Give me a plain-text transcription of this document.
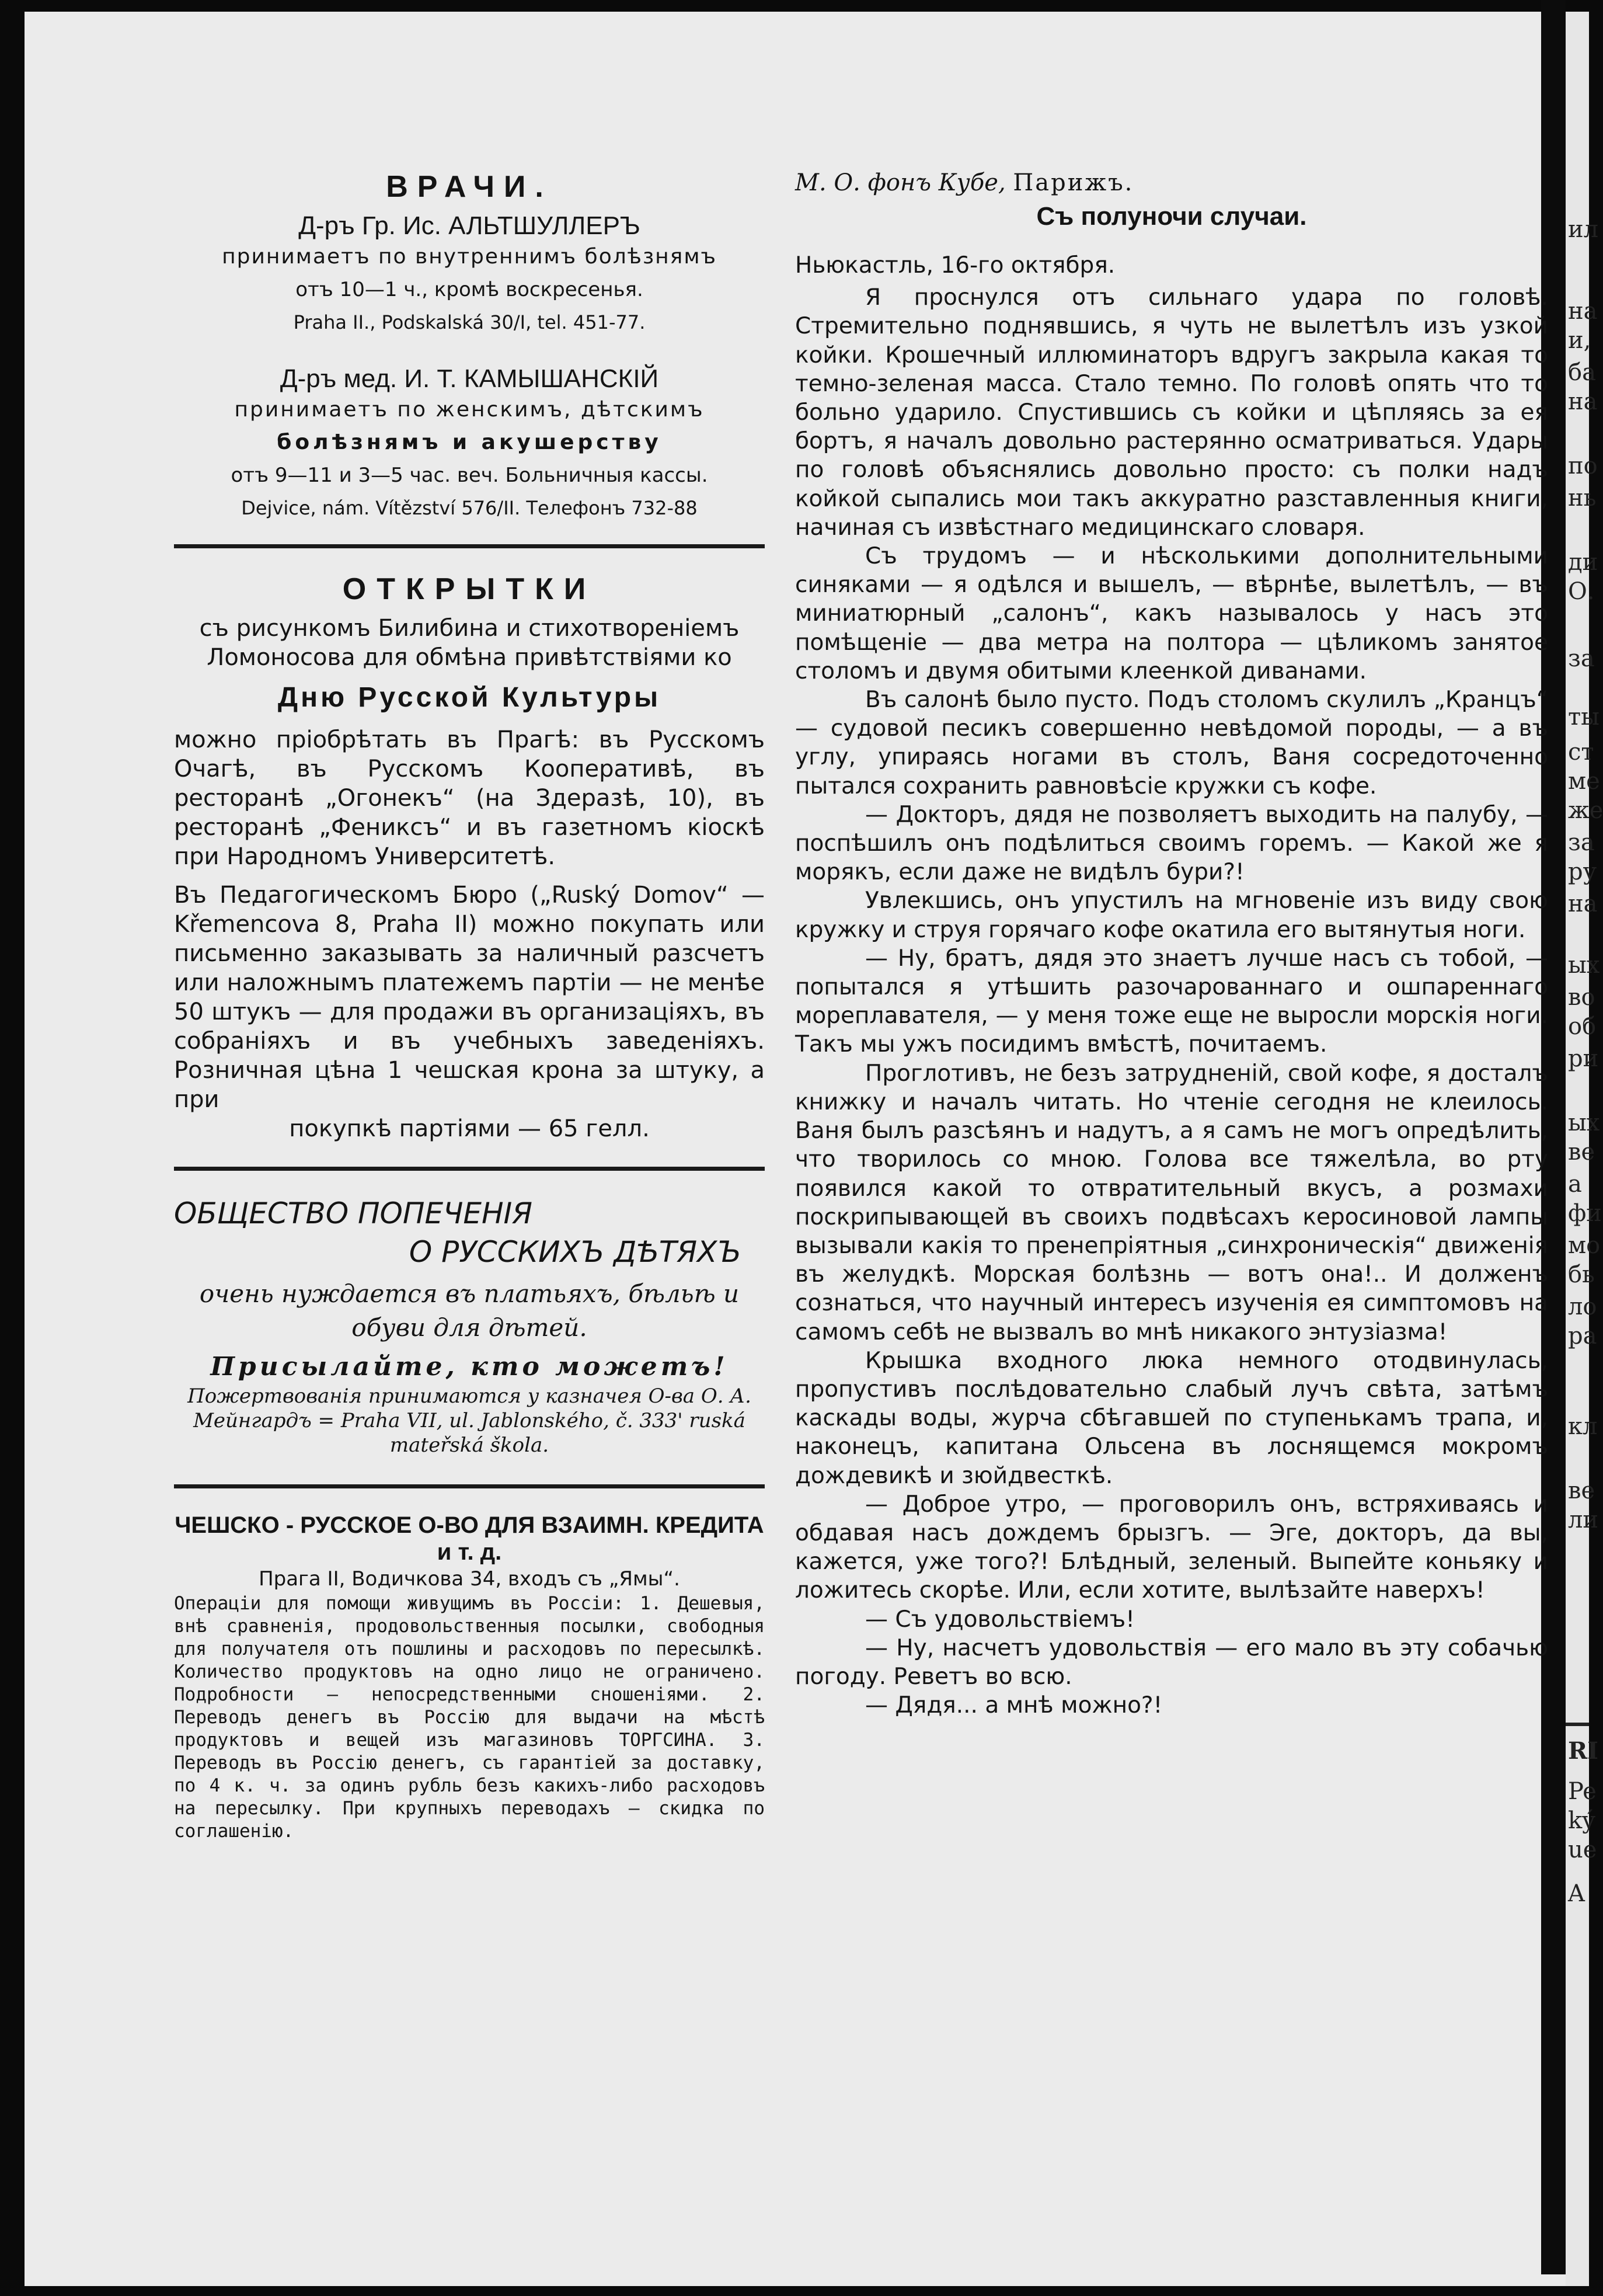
ил
на
и,
ба
на
по
нь
ди
О.
за
ты
ст
ме
же
за
ру
на
ых
во
об
ри
ых
ве
а
фи
мо
бь
ло
ра
кл
ве
ли
RI
Pe
ký
ue
A
ВРАЧИ.

Д-ръ Гр. Ис. АЛЬТШУЛЛЕРЪ

принимаетъ по внутреннимъ болѣзнямъ

отъ 10—1 ч., кромѣ воскресенья.

Praha II., Podskalská 30/I, tel. 451-77.

Д-ръ мед. И. Т. КАМЫШАНСКIЙ

принимаетъ по женскимъ, дѣтскимъ

болѣзнямъ и акушерству

отъ 9—11 и 3—5 час. веч. Больничныя кассы.

Dejvice, nám. Vítězství 576/II. Телефонъ 732-88

ОТКРЫТКИ

съ рисункомъ Билибина и стихотворенiемъ Ломоносова для обмѣна привѣтствiями ко

Дню Русской Культуры

можно прiобрѣтать въ Прагѣ: въ Русскомъ Очагѣ, въ Русскомъ Кооперативѣ, въ ресторанѣ „Огонекъ“ (на Здеразѣ, 10), въ ресторанѣ „Фениксъ“ и въ газетномъ кiоскѣ при Народномъ Университетѣ.

Въ Педагогическомъ Бюро („Ruský Domov“ — Křemencova 8, Praha II) можно покупать или письменно заказывать за наличный разсчетъ или наложнымъ платежемъ партiи — не менѣе 50 штукъ — для продажи въ организацiяхъ, въ собранiяхъ и въ учебныхъ заведенiяхъ. Розничная цѣна 1 чешская крона за штуку, а при

покупкѣ партiями — 65 гелл.

ОБЩЕСТВО ПОПЕЧЕНIЯ

О РУССКИХЪ ДѢТЯХЪ

очень нуждается въ платьяхъ, бѣльѣ и обуви для дѣтей.

Присылайте, кто можетъ!

Пожертвованiя принимаются у казначея О-ва О. А. Мейнгардъ = Praha VII, ul. Jablonského, č. 333' ruská mateřská škola.

ЧЕШСКО - РУССКОЕ О-ВО ДЛЯ ВЗАИМН. КРЕДИТА и т. д.

Прага II, Водичкова 34, входъ съ „Ямы“.

Операцiи для помощи живущимъ въ Россiи: 1. Дешевыя, внѣ сравненiя, продовольственныя посылки, свободныя для получателя отъ пошлины и расходовъ по пересылкѣ. Количество продуктовъ на одно лицо не ограничено. Подробности — непосредственными сношенiями. 2. Переводъ денегъ въ Россiю для выдачи на мѣстѣ продуктовъ и вещей изъ магазиновъ ТОРГСИНА. 3. Переводъ въ Россiю денегъ, съ гарантiей за доставку, по 4 к. ч. за одинъ рубль безъ какихъ-либо расходовъ на пересылку. При крупныхъ переводахъ — скидка по соглашенiю.

М. О. фонъ Кубе, Парижъ.

Съ полуночи случаи.

Ньюкастль, 16-го октября.

Я проснулся отъ сильнаго удара по головѣ. Стремительно поднявшись, я чуть не вылетѣлъ изъ узкой койки. Крошечный иллюминаторъ вдругъ закрыла какая то темно-зеленая масса. Стало темно. По головѣ опять что то больно ударило. Спустившись съ койки и цѣпляясь за ея бортъ, я началъ довольно растерянно осматриваться. Удары по головѣ объяснялись довольно просто: съ полки надъ койкой сыпались мои такъ аккуратно разставленныя книги, начиная съ извѣстнаго медицинскаго словаря.

Съ трудомъ — и нѣсколькими дополнительными синяками — я одѣлся и вышелъ, — вѣрнѣе, вылетѣлъ, — въ миниатюрный „салонъ“, какъ называлось у насъ это помѣщенiе — два метра на полтора — цѣликомъ занятое столомъ и двумя обитыми клеенкой диванами.

Въ салонѣ было пусто. Подъ столомъ скулилъ „Кранцъ“ — судовой песикъ совершенно невѣдомой породы, — а въ углу, упираясь ногами въ столъ, Ваня сосредоточенно пытался сохранить равновѣсiе кружки съ кофе.

— Докторъ, дядя не позволяетъ выходить на палубу, — поспѣшилъ онъ подѣлиться своимъ горемъ. — Какой же я морякъ, если даже не видѣлъ бури?!

Увлекшись, онъ упустилъ на мгновенiе изъ виду свою кружку и струя горячаго кофе окатила его вытянутыя ноги.

— Ну, братъ, дядя это знаетъ лучше насъ съ тобой, — попытался я утѣшить разочарованнаго и ошпареннаго мореплавателя, — у меня тоже еще не выросли морскiя ноги. Такъ мы ужъ посидимъ вмѣстѣ, почитаемъ.

Проглотивъ, не безъ затрудненiй, свой кофе, я досталъ книжку и началъ читать. Но чтенiе сегодня не клеилось. Ваня былъ разсѣянъ и надутъ, а я самъ не могъ опредѣлить, что творилось со мною. Голова все тяжелѣла, во рту появился какой то отвратительный вкусъ, а розмахи поскрипывающей въ своихъ подвѣсахъ керосиновой лампы вызывали какiя то пренепрiятныя „синхроническiя“ движенiя въ желудкѣ. Морская болѣзнь — вотъ она!.. И долженъ сознаться, что научный интересъ изученiя ея симптомовъ на самомъ себѣ не вызвалъ во мнѣ никакого энтузiазма!

Крышка входного люка немного отодвинулась, пропустивъ послѣдовательно слабый лучъ свѣта, затѣмъ каскады воды, журча сбѣгавшей по ступенькамъ трапа, и, наконецъ, капитана Ольсена въ лоснящемся мокромъ дождевикѣ и зюйдвесткѣ.

— Доброе утро, — проговорилъ онъ, встряхиваясь и обдавая насъ дождемъ брызгъ. — Эге, докторъ, да вы, кажется, уже того?! Блѣдный, зеленый. Выпейте коньяку и ложитесь скорѣе. Или, если хотите, вылѣзайте наверхъ!

— Съ удовольствiемъ!

— Ну, насчетъ удовольствiя — его мало въ эту собачью погоду. Реветъ во всю.

— Дядя... а мнѣ можно?!
